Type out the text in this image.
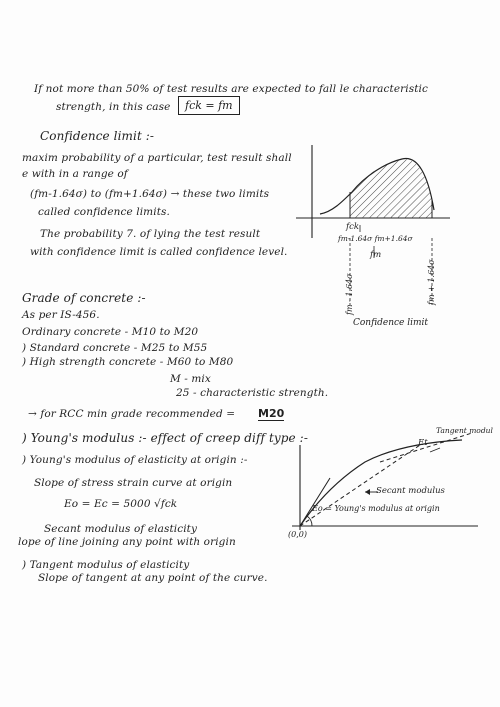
If not more than 50% of test results are expected to fall le characteristic
strength, in this case	fck = fm
Confidence limit :-
maxim probability of a particular, test result shall
e with in a range of
(fm-1.64σ) to (fm+1.64σ) → these two limits
called confidence limits.
The probability 7. of lying the test result
with confidence limit is called confidence level.
Grade of concrete :-
As per IS-456.
Ordinary concrete - M10 to M20
) Standard concrete - M25 to M55
) High strength concrete - M60 to M80
M - mix
25 - characteristic strength.
→ for RCC min grade recommended = M20
) Young's modulus :- effect of creep diff type :-
) Young's modulus of elasticity at origin :-
Slope of stress strain curve at origin
Eo = Ec = 5000 √fck
Secant modulus of elasticity
lope of line joining any point with origin
) Tangent modulus of elasticity
Slope of tangent at any point of the curve.
fck
fm-1.64σ fm+1.64σ
fm
fm - 1.64σ	fm + 1.64σ
Confidence limit
Tangent modul
Et
Secant modulus
Eo = Young's modulus at origin
(0,0)
